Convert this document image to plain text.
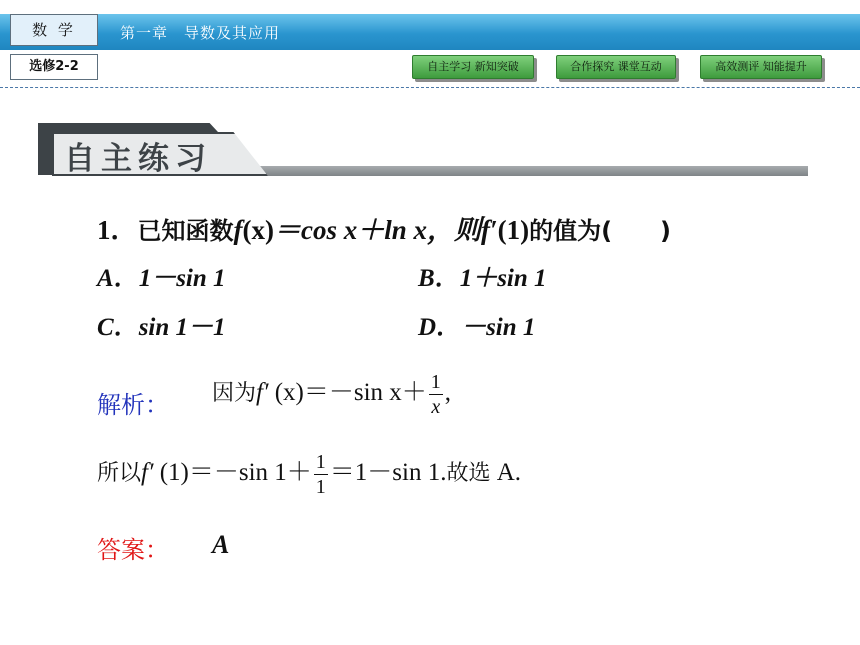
第一章　导数及其应用
数 学
选修2-2	自主学习 新知突破	合作探究 课堂互动	高效测评 知能提升
自主练习
1．已知函数f(x)＝cos x＋ln x，则f′(1)的值为(　　)
A．1－sin 1	B．1＋sin 1
C．sin 1－1	D．－sin 1
解析： 因为f′ (x)＝－sin $x+ \frac{1}{x}$ ,
所以f′ (1)＝－sin $1+ \frac{1}{1} =1-\sin$ 1.故选 A.
答案： A
